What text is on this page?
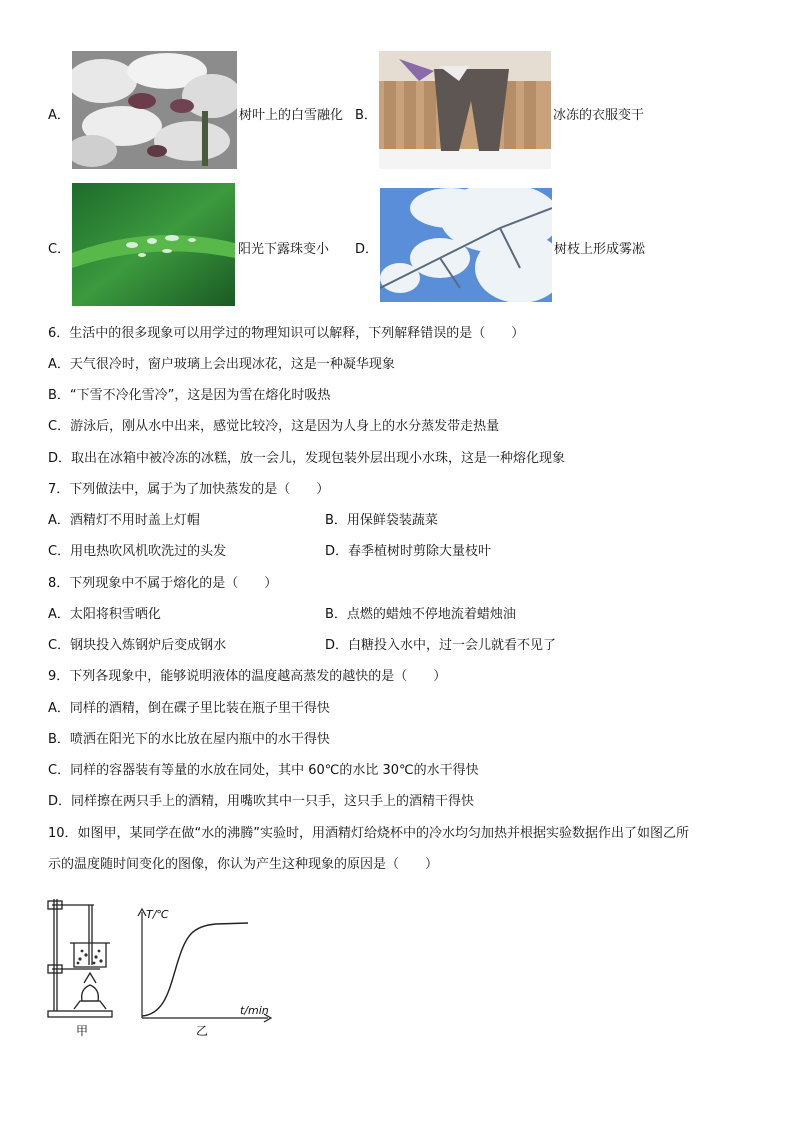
A．	树叶上的白雪融化 B．	冰冻的衣服变干
C．	阳光下露珠变小 D．	树枝上形成雾凇
6．生活中的很多现象可以用学过的物理知识可以解释，下列解释错误的是（　　）
A．天气很冷时，窗户玻璃上会出现冰花，这是一种凝华现象
B．“下雪不冷化雪冷”，这是因为雪在熔化时吸热
C．游泳后，刚从水中出来，感觉比较冷，这是因为人身上的水分蒸发带走热量
D．取出在冰箱中被冷冻的冰糕，放一会儿，发现包装外层出现小水珠，这是一种熔化现象
7．下列做法中，属于为了加快蒸发的是（　　）
A．酒精灯不用时盖上灯帽	B．用保鲜袋装蔬菜
C．用电热吹风机吹洗过的头发	D．春季植树时剪除大量枝叶
8．下列现象中不属于熔化的是（　　）
A．太阳将积雪晒化	B．点燃的蜡烛不停地流着蜡烛油
C．钢块投入炼钢炉后变成钢水	D．白糖投入水中，过一会儿就看不见了
9．下列各现象中，能够说明液体的温度越高蒸发的越快的是（　　）
A．同样的酒精，倒在碟子里比装在瓶子里干得快
B．喷洒在阳光下的水比放在屋内瓶中的水干得快
C．同样的容器装有等量的水放在同处，其中 60℃的水比 30℃的水干得快
D．同样擦在两只手上的酒精，用嘴吹其中一只手，这只手上的酒精干得快
10．如图甲，某同学在做“水的沸腾”实验时，用酒精灯给烧杯中的冷水均匀加热并根据实验数据作出了如图乙所
示的温度随时间变化的图像，你认为产生这种现象的原因是（　　）
甲
T/℃
t/min
乙
